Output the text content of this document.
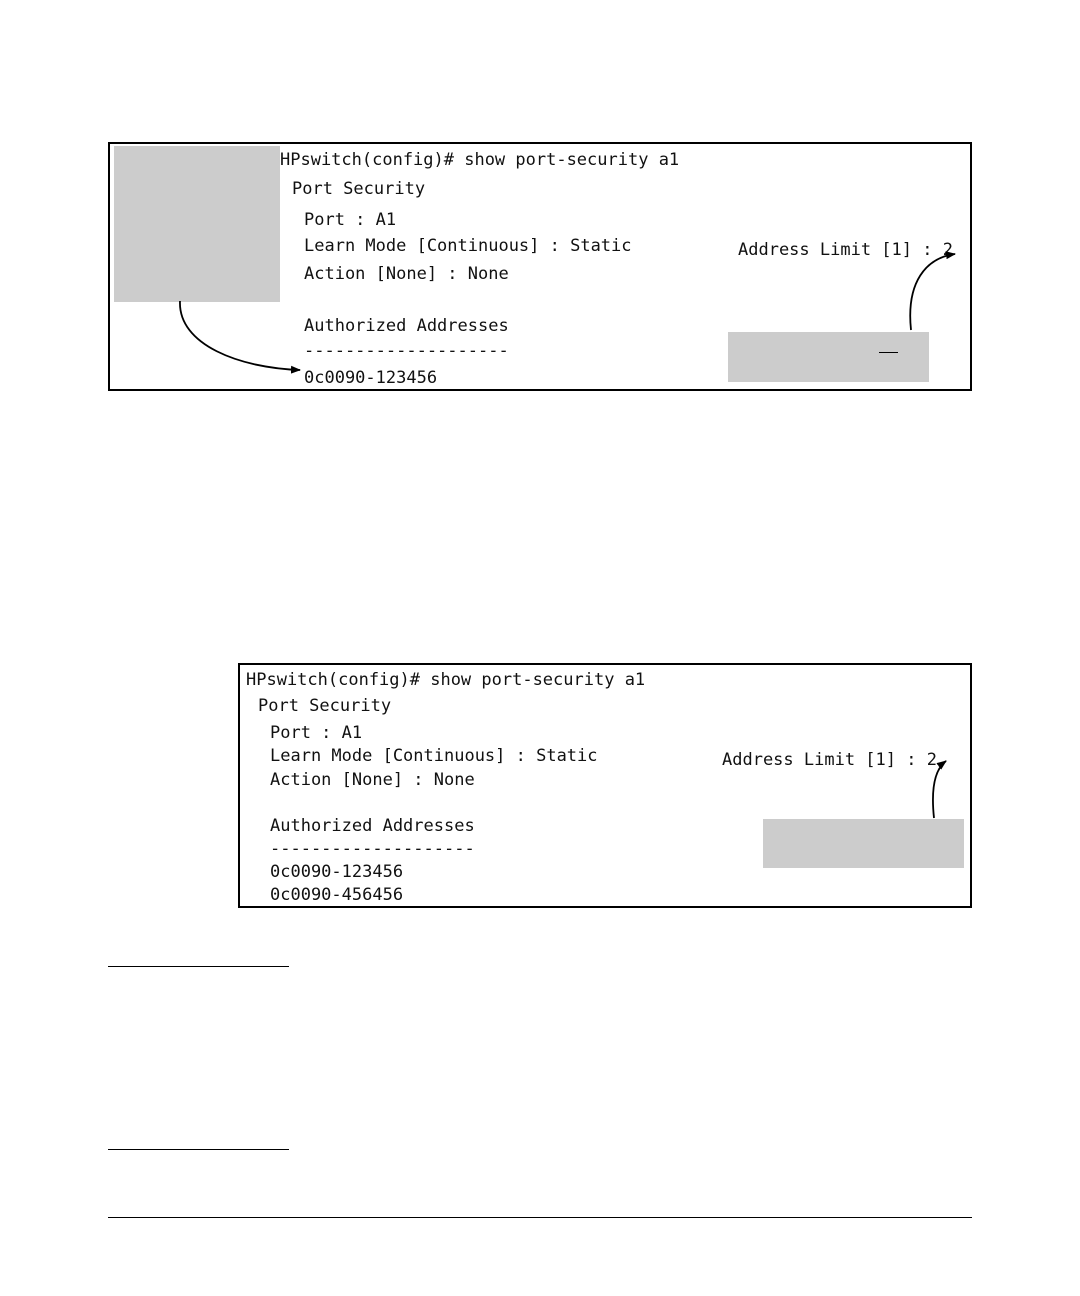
HPswitch(config)# show port-security a1
Port Security
Port : A1
Learn Mode [Continuous] : Static
Action [None] : None
Address Limit [1] : 2
Authorized Addresses
--------------------
0c0090-123456
HPswitch(config)# show port-security a1
Port Security
Port : A1
Learn Mode [Continuous] : Static
Action [None] : None
Address Limit [1] : 2
Authorized Addresses
--------------------
0c0090-123456
0c0090-456456
